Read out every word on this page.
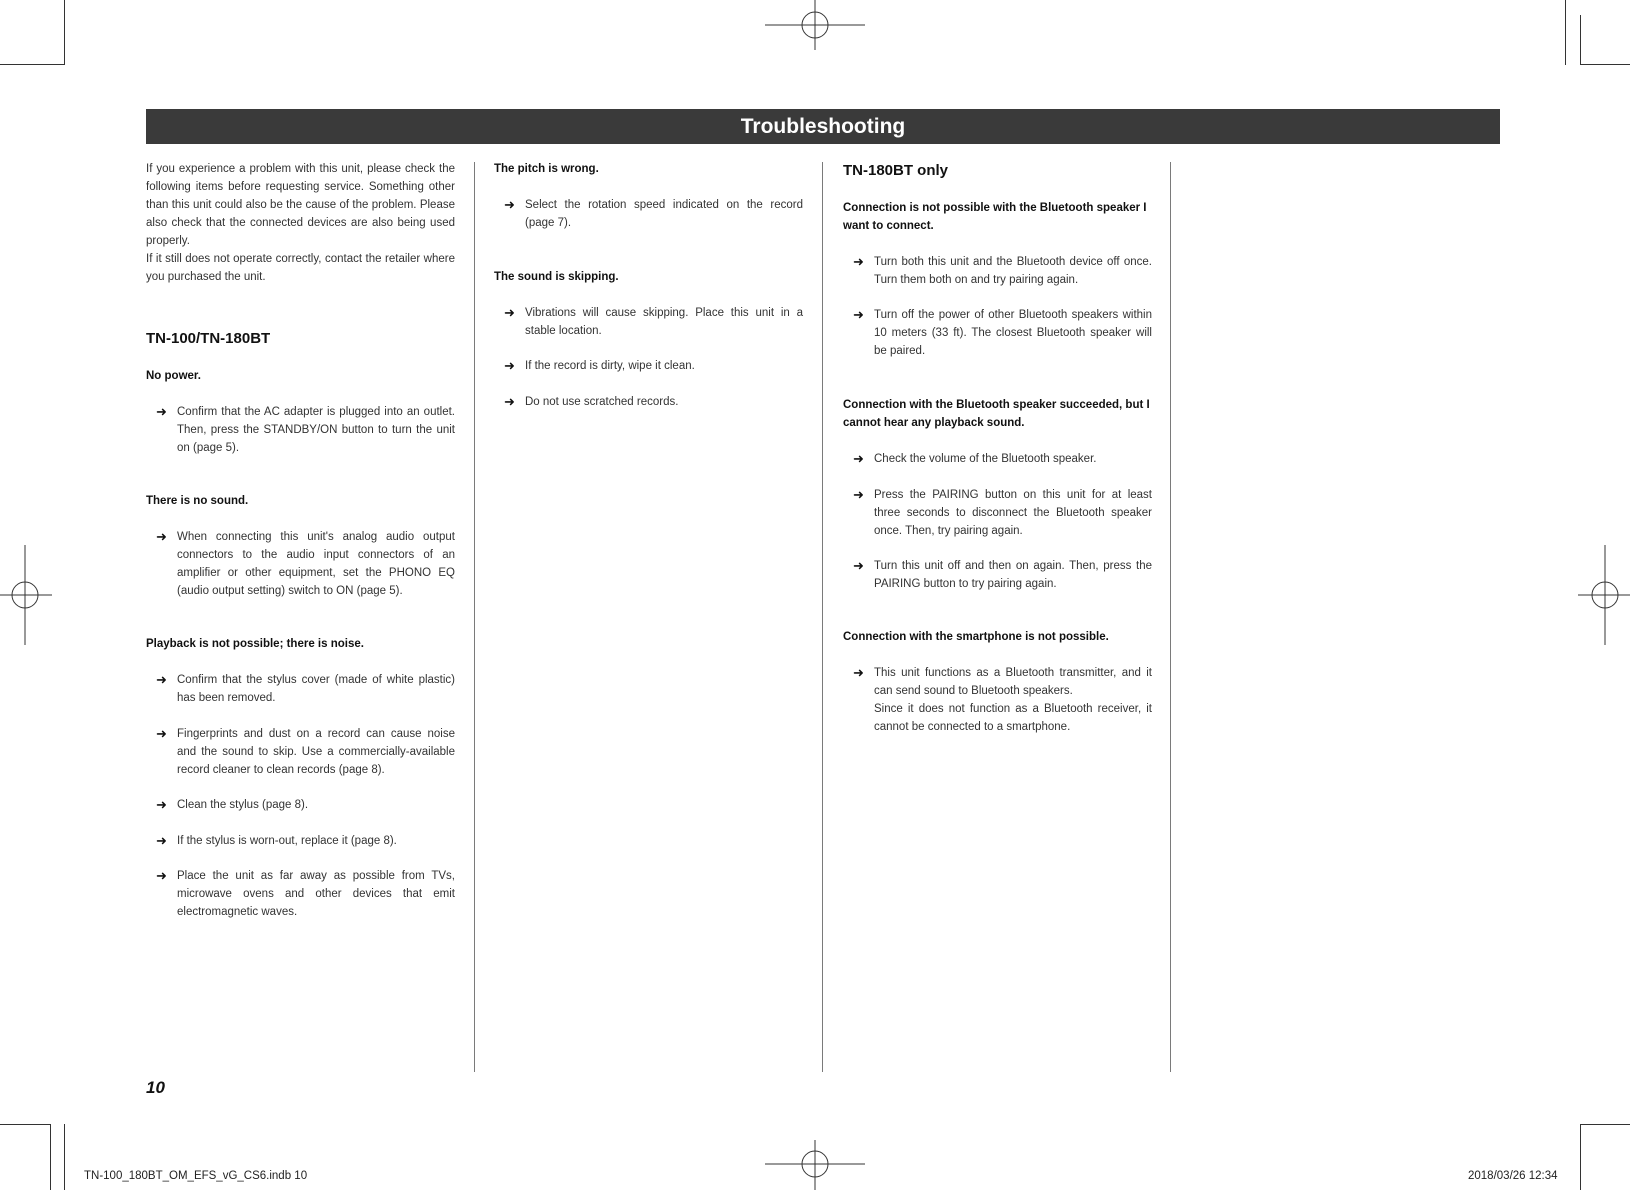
Troubleshooting

If you experience a problem with this unit, please check the following items before requesting service. Something other than this unit could also be the cause of the problem. Please also check that the connected devices are also being used properly.

If it still does not operate correctly, contact the retailer where you purchased the unit.

TN-100/TN-180BT

No power.

➜ Confirm that the AC adapter is plugged into an outlet. Then, press the STANDBY/ON button to turn the unit on (page 5).

There is no sound.

➜ When connecting this unit's analog audio output connectors to the audio input connectors of an amplifier or other equipment, set the PHONO EQ (audio output setting) switch to ON (page 5).

Playback is not possible; there is noise.

➜ Confirm that the stylus cover (made of white plastic) has been removed.

➜ Fingerprints and dust on a record can cause noise and the sound to skip. Use a commercially-available record cleaner to clean records (page 8).

➜ Clean the stylus (page 8).

➜ If the stylus is worn-out, replace it (page 8).

➜ Place the unit as far away as possible from TVs, microwave ovens and other devices that emit electromagnetic waves.

The pitch is wrong.

➜ Select the rotation speed indicated on the record (page 7).

The sound is skipping.

➜ Vibrations will cause skipping. Place this unit in a stable location.

➜ If the record is dirty, wipe it clean.

➜ Do not use scratched records.

TN-180BT only

Connection is not possible with the Bluetooth speaker I want to connect.

➜ Turn both this unit and the Bluetooth device off once. Turn them both on and try pairing again.

➜ Turn off the power of other Bluetooth speakers within 10 meters (33 ft). The closest Bluetooth speaker will be paired.

Connection with the Bluetooth speaker succeeded, but I cannot hear any playback sound.

➜ Check the volume of the Bluetooth speaker.

➜ Press the PAIRING button on this unit for at least three seconds to disconnect the Bluetooth speaker once. Then, try pairing again.

➜ Turn this unit off and then on again. Then, press the PAIRING button to try pairing again.

Connection with the smartphone is not possible.

➜ This unit functions as a Bluetooth transmitter, and it can send sound to Bluetooth speakers.
Since it does not function as a Bluetooth receiver, it cannot be connected to a smartphone.

10
TN-100_180BT_OM_EFS_vG_CS6.indb 10	2018/03/26 12:34
